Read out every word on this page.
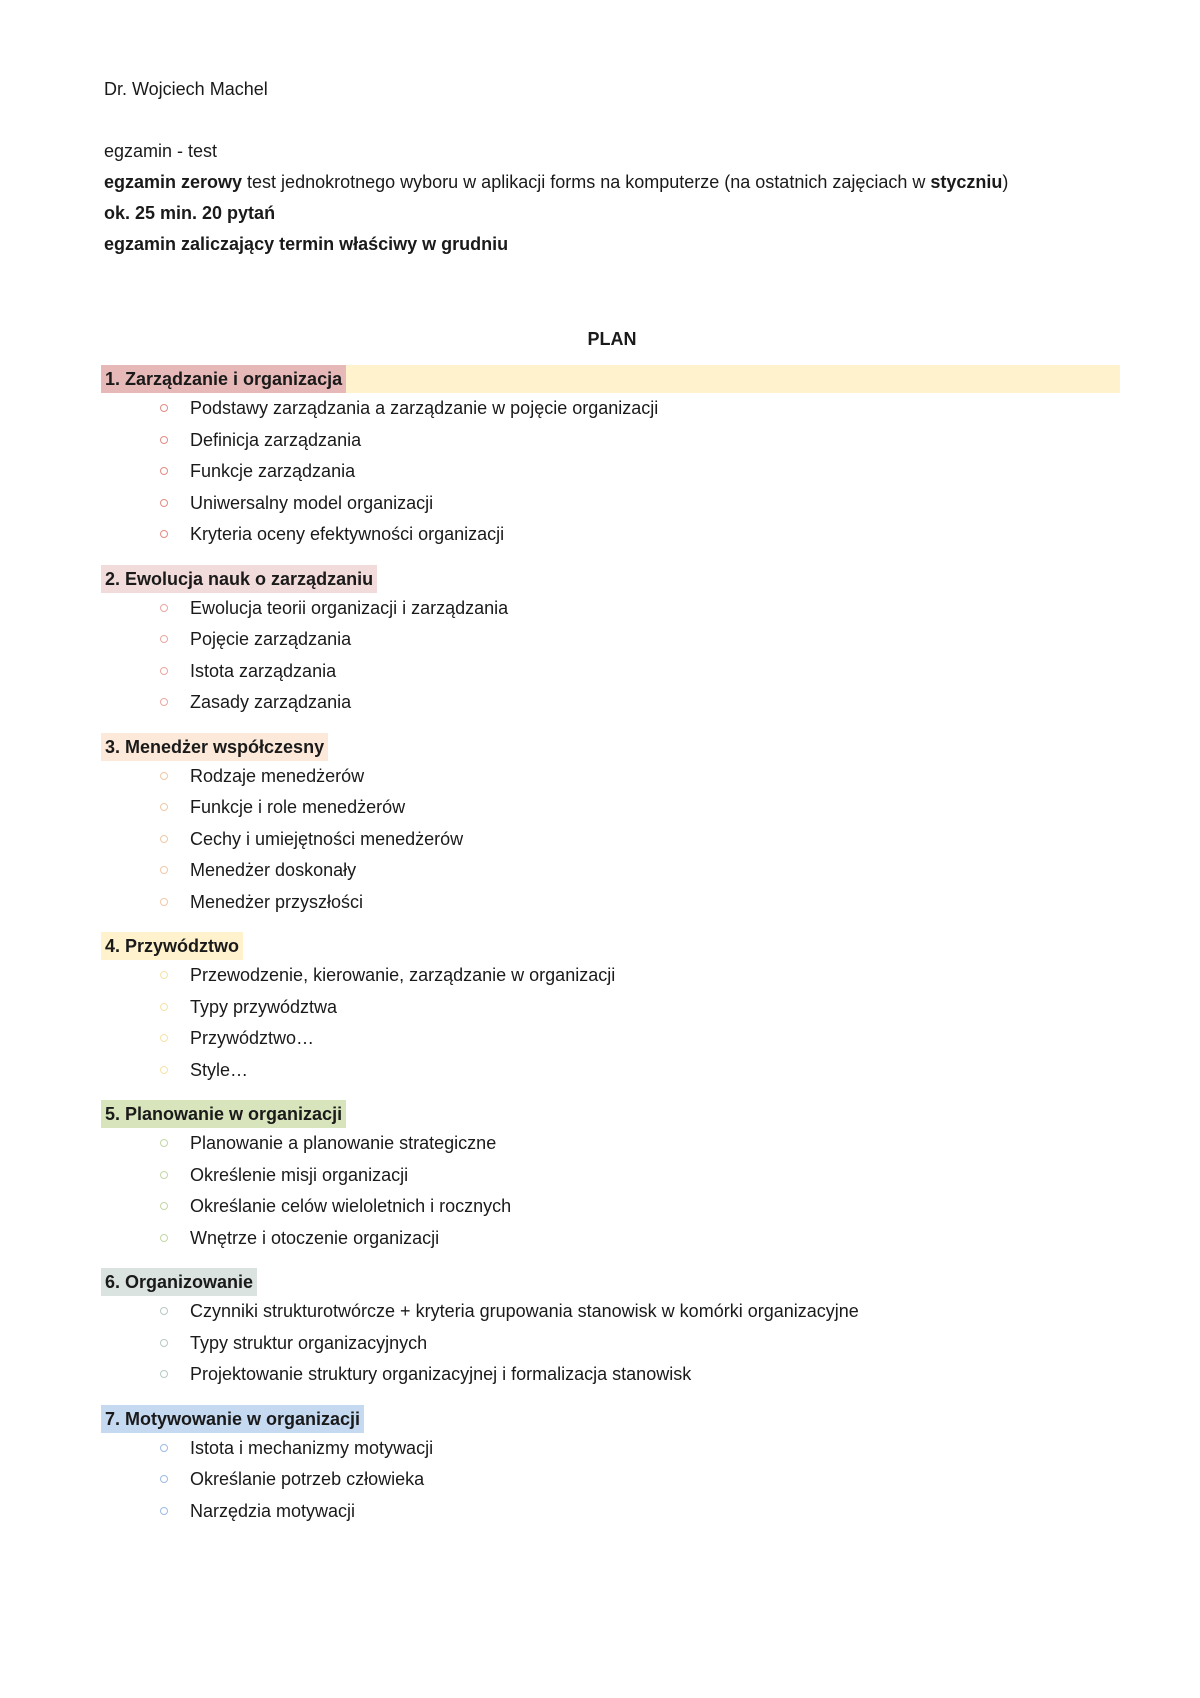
Dr. Wojciech Machel
egzamin - test
egzamin zerowy test jednokrotnego wyboru w aplikacji forms na komputerze (na ostatnich zajęciach w styczniu)
ok. 25 min. 20 pytań
egzamin zaliczający termin właściwy w grudniu
PLAN
1. Zarządzanie i organizacja
Podstawy zarządzania a zarządzanie w pojęcie organizacji
Definicja zarządzania
Funkcje zarządzania
Uniwersalny model organizacji
Kryteria oceny efektywności organizacji
2. Ewolucja nauk o zarządzaniu
Ewolucja teorii organizacji i zarządzania
Pojęcie zarządzania
Istota zarządzania
Zasady zarządzania
3. Menedżer współczesny
Rodzaje menedżerów
Funkcje i role menedżerów
Cechy i umiejętności menedżerów
Menedżer doskonały
Menedżer przyszłości
4. Przywództwo
Przewodzenie, kierowanie, zarządzanie w organizacji
Typy przywództwa
Przywództwo…
Style…
5. Planowanie w organizacji
Planowanie a planowanie strategiczne
Określenie misji organizacji
Określanie celów wieloletnich i rocznych
Wnętrze i otoczenie organizacji
6. Organizowanie
Czynniki strukturotwórcze + kryteria grupowania stanowisk w komórki organizacyjne
Typy struktur organizacyjnych
Projektowanie struktury organizacyjnej i formalizacja stanowisk
7. Motywowanie w organizacji
Istota i mechanizmy motywacji
Określanie potrzeb człowieka
Narzędzia motywacji
